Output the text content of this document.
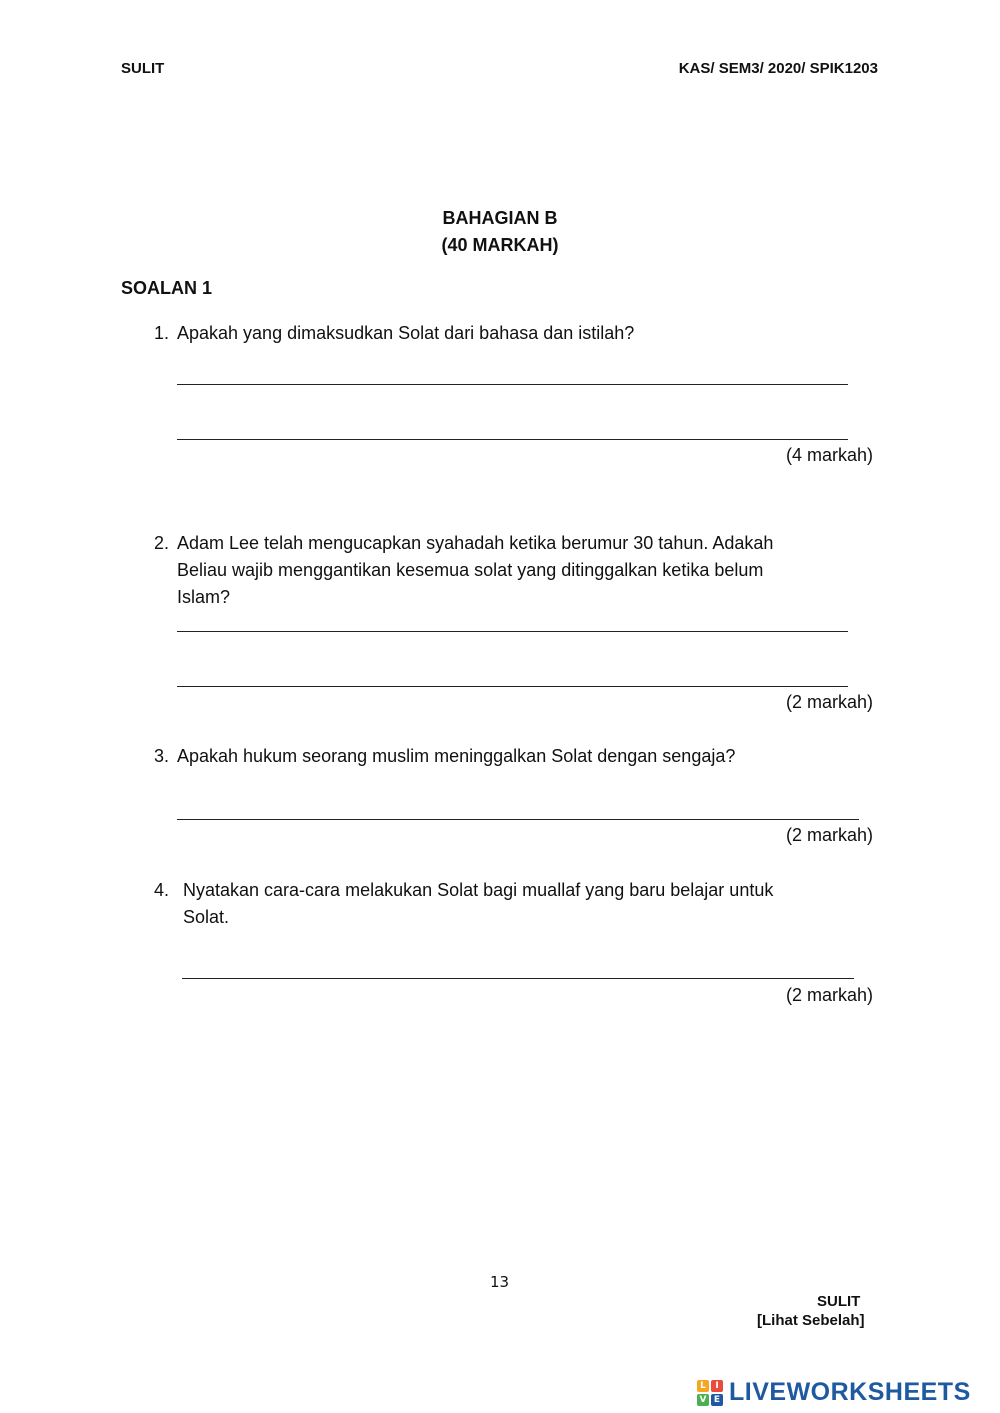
SULIT	KAS/ SEM3/ 2020/ SPIK1203
BAHAGIAN B
(40 MARKAH)
SOALAN 1
1. Apakah yang dimaksudkan Solat dari bahasa dan istilah?
(4 markah)
2. Adam Lee telah mengucapkan syahadah ketika berumur 30 tahun. Adakah
Beliau wajib menggantikan kesemua solat yang ditinggalkan ketika belum
Islam?
(2 markah)
3. Apakah hukum seorang muslim meninggalkan Solat dengan sengaja?
(2 markah)
4. Nyatakan cara-cara melakukan Solat bagi muallaf yang baru belajar untuk
Solat.
(2 markah)
13
SULIT
[Lihat Sebelah]
L	I
V E LIVEWORKSHEETS
